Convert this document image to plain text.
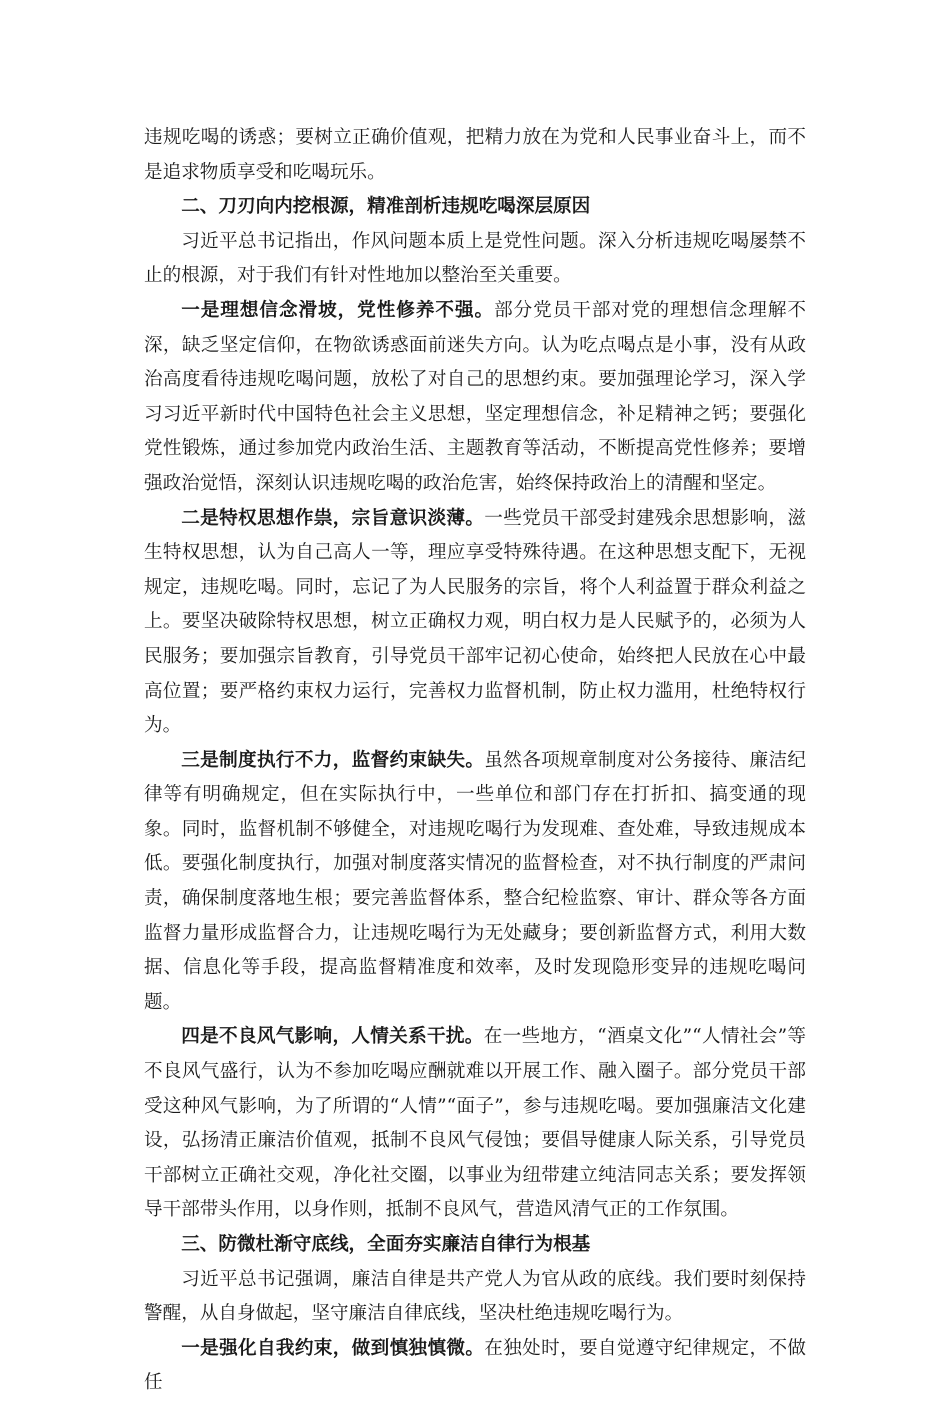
违规吃喝的诱惑；要树立正确价值观，把精力放在为党和人民事业奋斗上，而不是追求物质享受和吃喝玩乐。

二、刀刃向内挖根源，精准剖析违规吃喝深层原因

习近平总书记指出，作风问题本质上是党性问题。深入分析违规吃喝屡禁不止的根源，对于我们有针对性地加以整治至关重要。

一是理想信念滑坡，党性修养不强。部分党员干部对党的理想信念理解不深，缺乏坚定信仰，在物欲诱惑面前迷失方向。认为吃点喝点是小事，没有从政治高度看待违规吃喝问题，放松了对自己的思想约束。要加强理论学习，深入学习习近平新时代中国特色社会主义思想，坚定理想信念，补足精神之钙；要强化党性锻炼，通过参加党内政治生活、主题教育等活动，不断提高党性修养；要增强政治觉悟，深刻认识违规吃喝的政治危害，始终保持政治上的清醒和坚定。

二是特权思想作祟，宗旨意识淡薄。一些党员干部受封建残余思想影响，滋生特权思想，认为自己高人一等，理应享受特殊待遇。在这种思想支配下，无视规定，违规吃喝。同时，忘记了为人民服务的宗旨，将个人利益置于群众利益之上。要坚决破除特权思想，树立正确权力观，明白权力是人民赋予的，必须为人民服务；要加强宗旨教育，引导党员干部牢记初心使命，始终把人民放在心中最高位置；要严格约束权力运行，完善权力监督机制，防止权力滥用，杜绝特权行为。

三是制度执行不力，监督约束缺失。虽然各项规章制度对公务接待、廉洁纪律等有明确规定，但在实际执行中，一些单位和部门存在打折扣、搞变通的现象。同时，监督机制不够健全，对违规吃喝行为发现难、查处难，导致违规成本低。要强化制度执行，加强对制度落实情况的监督检查，对不执行制度的严肃问责，确保制度落地生根；要完善监督体系，整合纪检监察、审计、群众等各方面监督力量形成监督合力，让违规吃喝行为无处藏身；要创新监督方式，利用大数据、信息化等手段，提高监督精准度和效率，及时发现隐形变异的违规吃喝问题。

四是不良风气影响，人情关系干扰。在一些地方，“酒桌文化”“人情社会”等不良风气盛行，认为不参加吃喝应酬就难以开展工作、融入圈子。部分党员干部受这种风气影响，为了所谓的“人情”“面子”，参与违规吃喝。要加强廉洁文化建设，弘扬清正廉洁价值观，抵制不良风气侵蚀；要倡导健康人际关系，引导党员干部树立正确社交观，净化社交圈，以事业为纽带建立纯洁同志关系；要发挥领导干部带头作用，以身作则，抵制不良风气，营造风清气正的工作氛围。

三、防微杜渐守底线，全面夯实廉洁自律行为根基

习近平总书记强调，廉洁自律是共产党人为官从政的底线。我们要时刻保持警醒，从自身做起，坚守廉洁自律底线，坚决杜绝违规吃喝行为。

一是强化自我约束，做到慎独慎微。在独处时，要自觉遵守纪律规定，不做任
